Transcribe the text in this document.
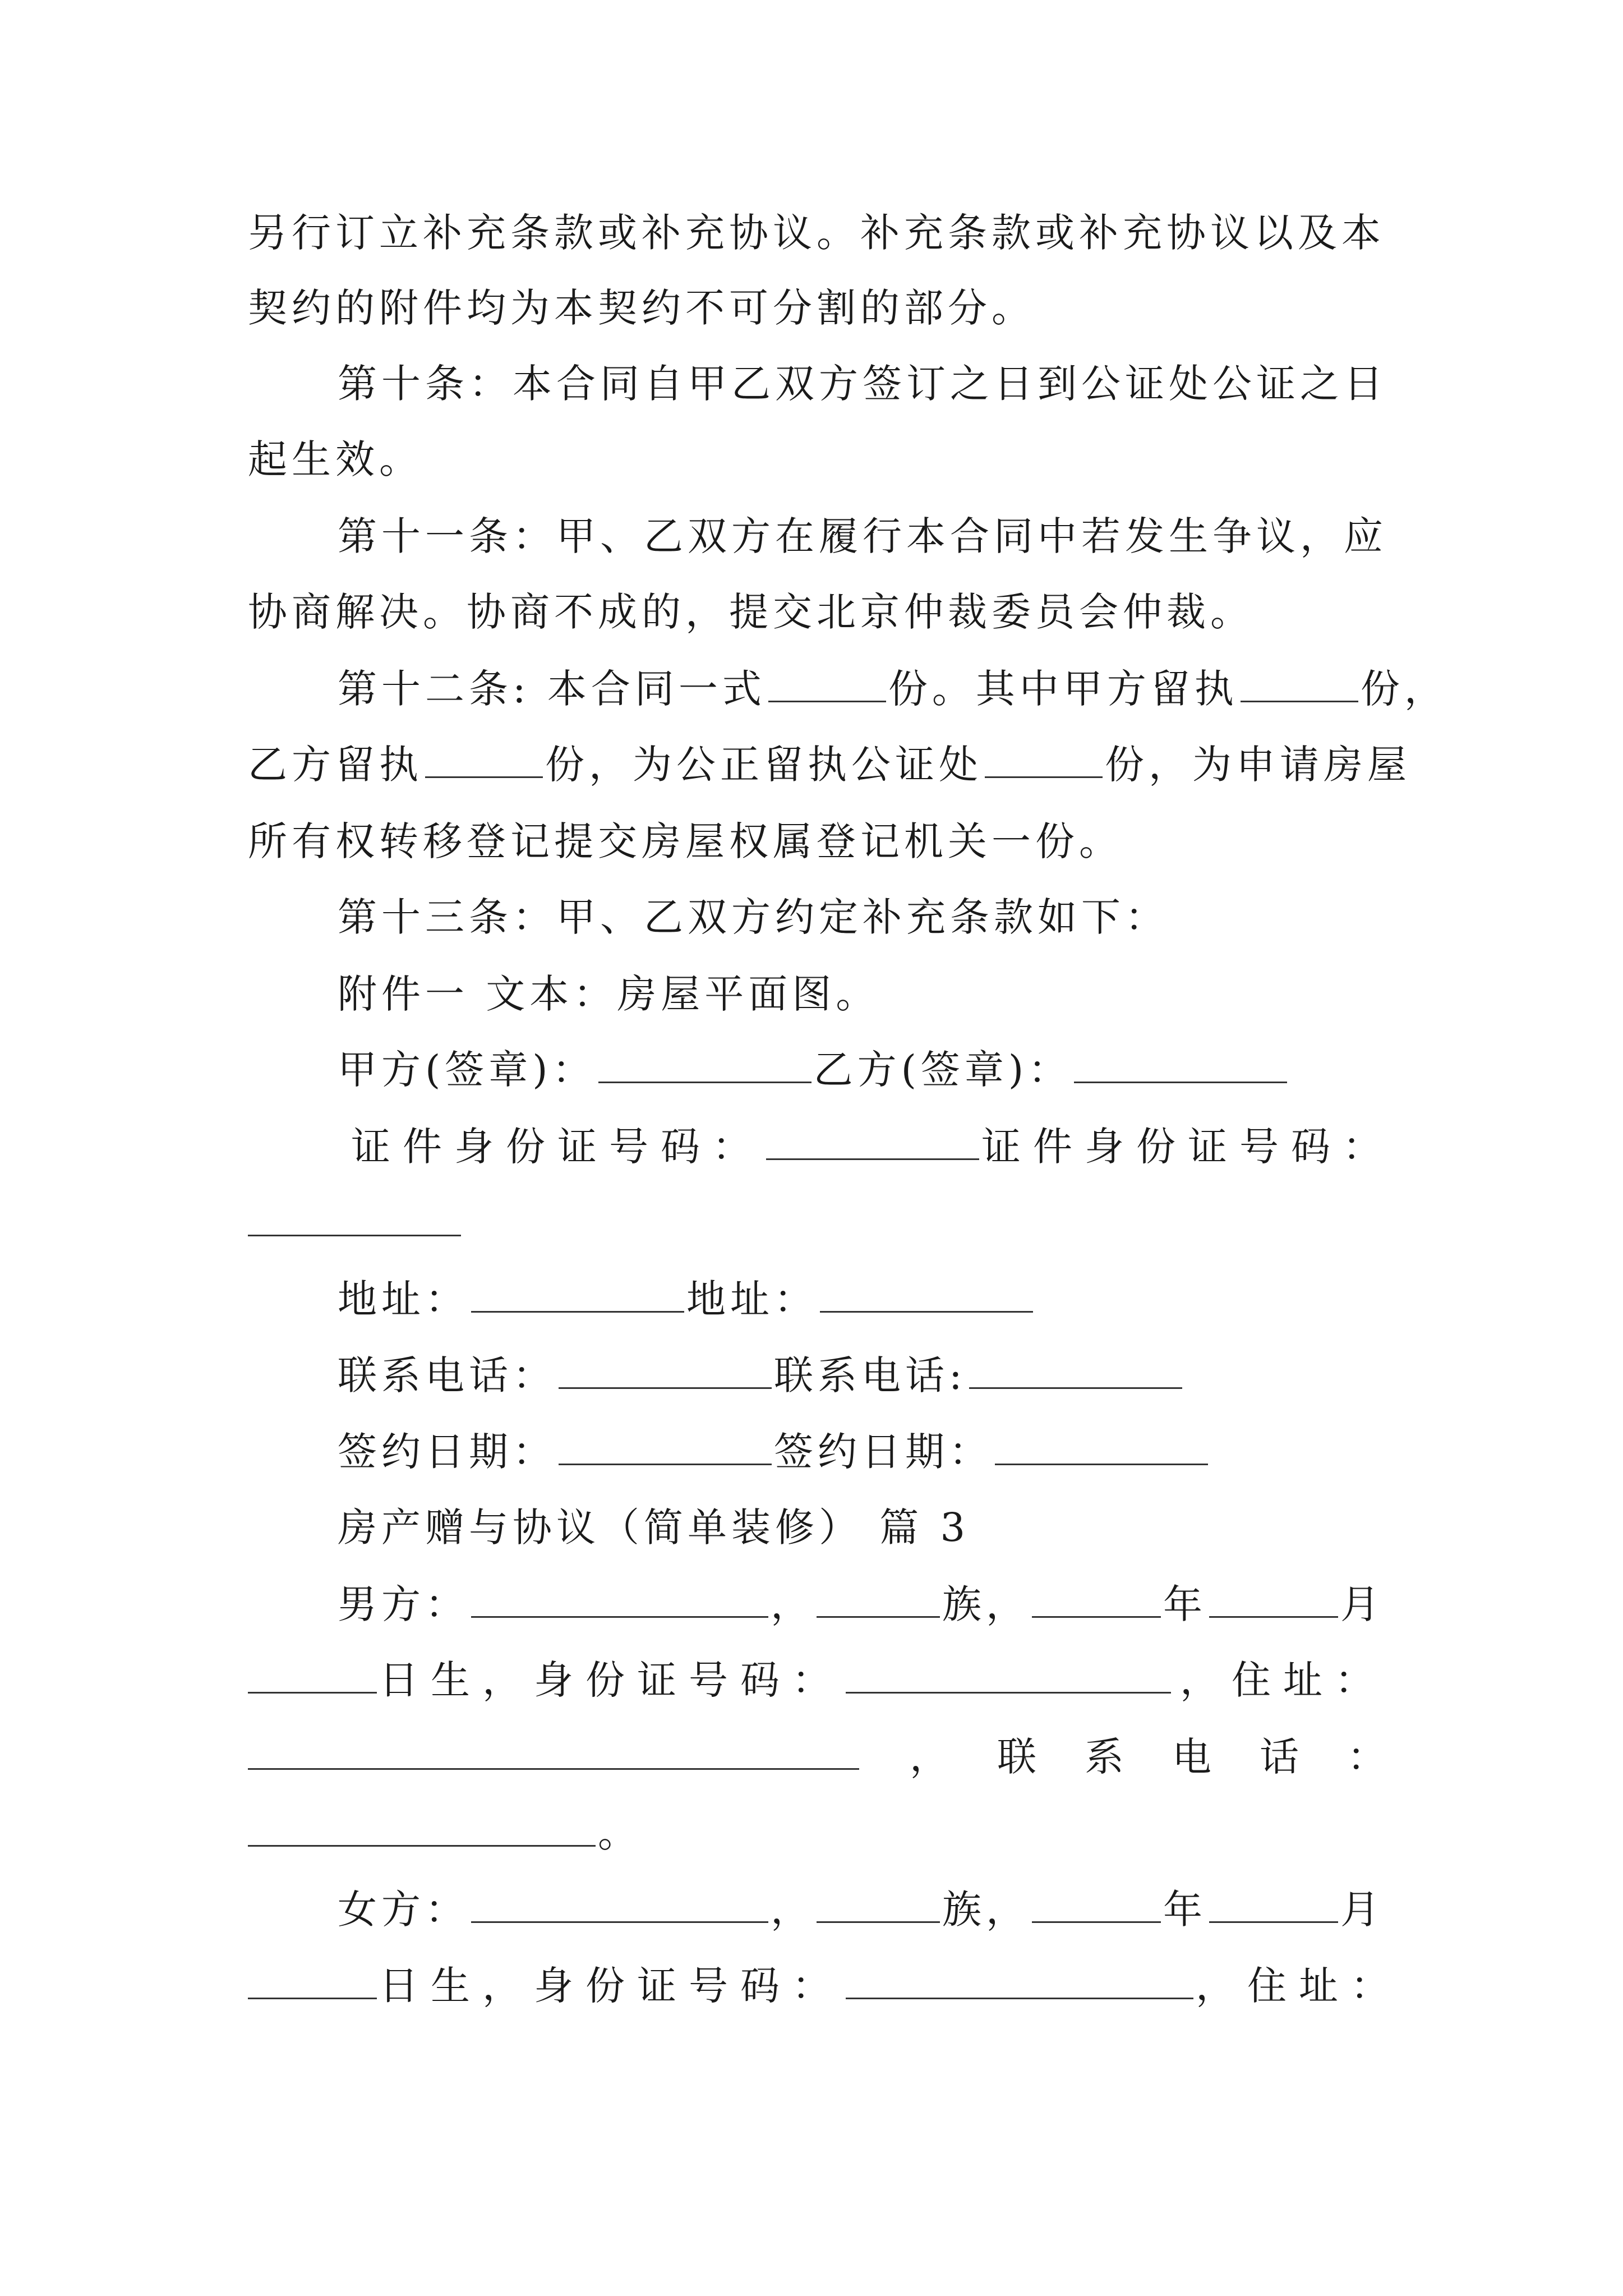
另行订立补充条款或补充协议。补充条款或补充协议以及本
契约的附件均为本契约不可分割的部分。
第十条：本合同自甲乙双方签订之日到公证处公证之日
起生效。
第十一条：甲、乙双方在履行本合同中若发生争议，应
协商解决。协商不成的，提交北京仲裁委员会仲裁。
第十二条: 本合同一式	份。其中甲方留执	份，
乙方留执	份，为公正留执公证处	份，为申请房屋
所有权转移登记提交房屋权属登记机关一份。
第十三条：甲、乙双方约定补充条款如下：
附件一 文本：房屋平面图。
甲方(签章)：	乙方(签章)：
证件身份证号码：	证件身份证号码：
地址：	地址：
联系电话：	联系电话:
签约日期：	签约日期：
房产赠与协议（简单装修） 篇 3
男方：	，	族，	年	月
日生，身份证号码：	，住址：
， 联 系 电 话 ：
。
女方：	，	族，	年	月
日生，身份证号码：	，住址：
